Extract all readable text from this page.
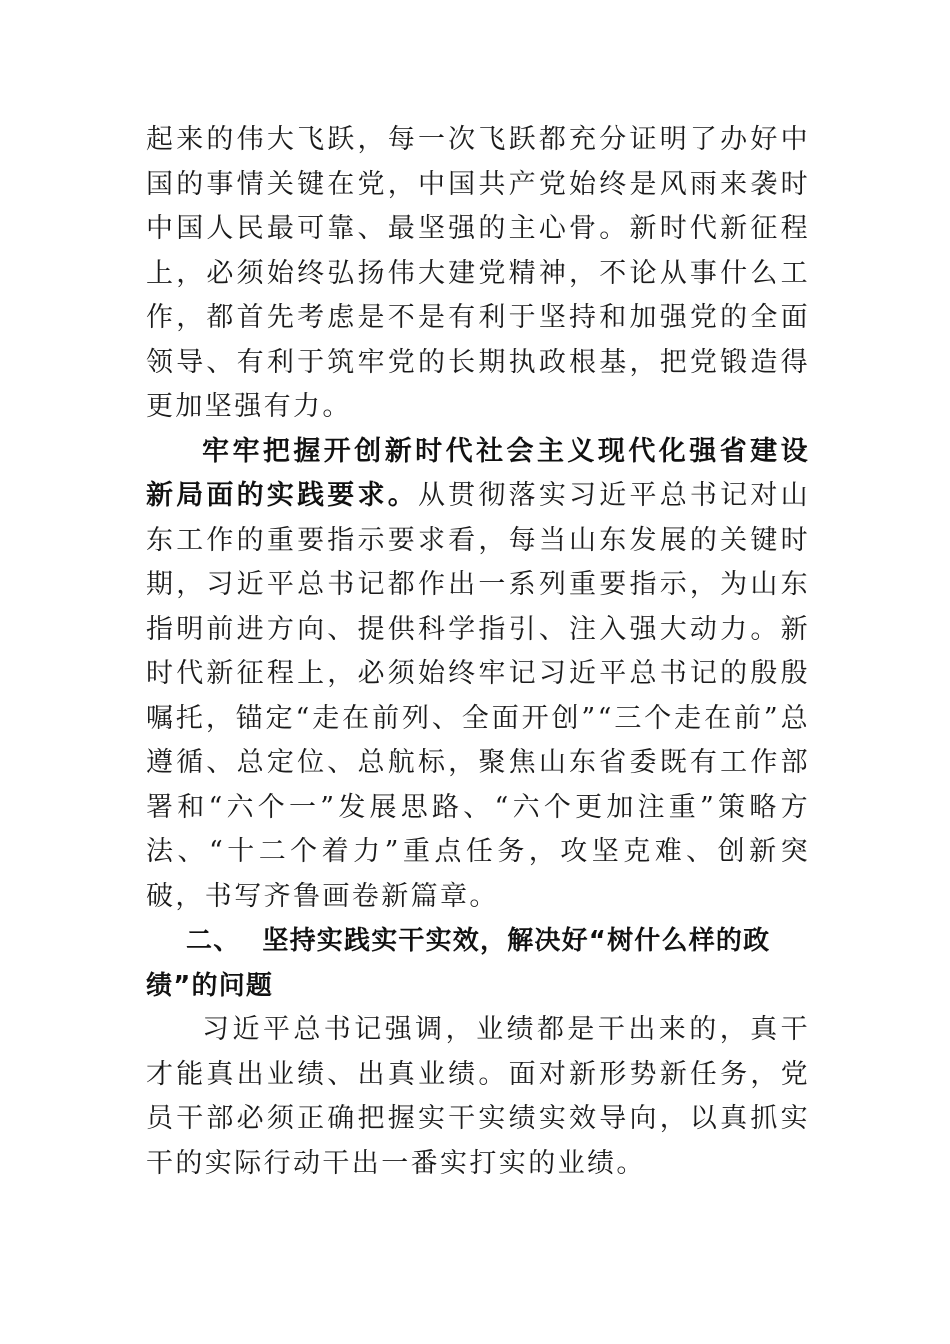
起来的伟大飞跃，每一次飞跃都充分证明了办好中国的事情关键在党，中国共产党始终是风雨来袭时中国人民最可靠、最坚强的主心骨。新时代新征程上，必须始终弘扬伟大建党精神，不论从事什么工作，都首先考虑是不是有利于坚持和加强党的全面领导、有利于筑牢党的长期执政根基，把党锻造得更加坚强有力。

牢牢把握开创新时代社会主义现代化强省建设新局面的实践要求。从贯彻落实习近平总书记对山东工作的重要指示要求看，每当山东发展的关键时期，习近平总书记都作出一系列重要指示，为山东指明前进方向、提供科学指引、注入强大动力。新时代新征程上，必须始终牢记习近平总书记的殷殷嘱托，锚定“走在前列、全面开创”“三个走在前”总遵循、总定位、总航标，聚焦山东省委既有工作部署和“六个一”发展思路、“六个更加注重”策略方法、“十二个着力”重点任务，攻坚克难、创新突破，书写齐鲁画卷新篇章。

二、 坚持实践实干实效，解决好“树什么样的政绩”的问题

习近平总书记强调，业绩都是干出来的，真干才能真出业绩、出真业绩。面对新形势新任务，党员干部必须正确把握实干实绩实效导向，以真抓实干的实际行动干出一番实打实的业绩。
